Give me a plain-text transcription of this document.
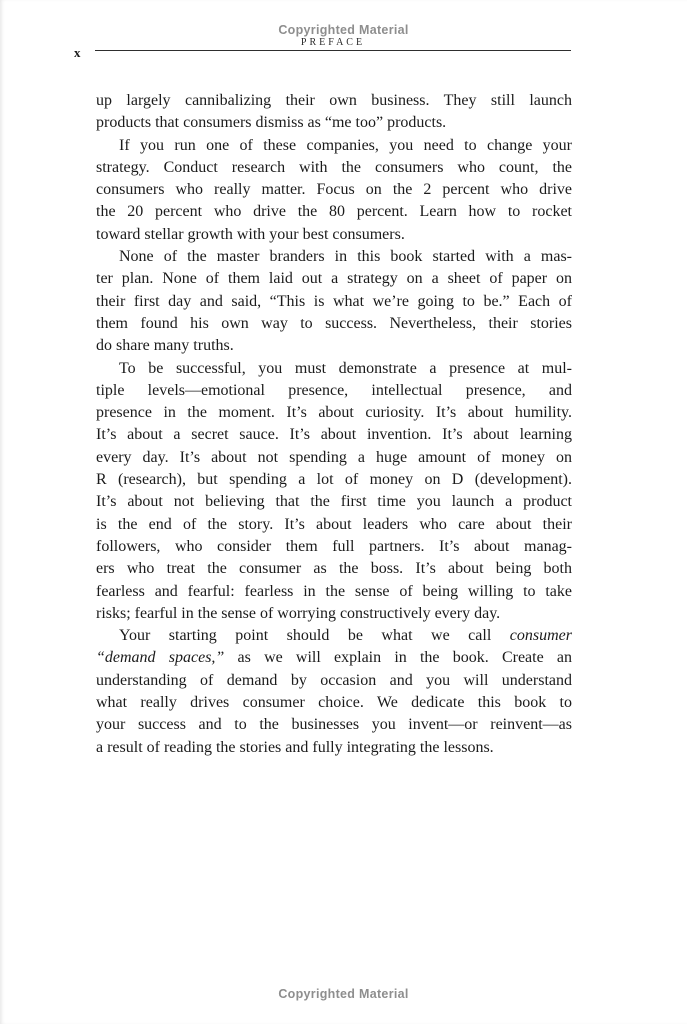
Copyrighted Material
x
PREFACE
up largely cannibalizing their own business. They still launch
products that consumers dismiss as “me too” products.
If you run one of these companies, you need to change your
strategy. Conduct research with the consumers who count, the
consumers who really matter. Focus on the 2 percent who drive
the 20 percent who drive the 80 percent. Learn how to rocket
toward stellar growth with your best consumers.
None of the master branders in this book started with a mas-
ter plan. None of them laid out a strategy on a sheet of paper on
their first day and said, “This is what we’re going to be.” Each of
them found his own way to success. Nevertheless, their stories
do share many truths.
To be successful, you must demonstrate a presence at mul-
tiple levels—emotional presence, intellectual presence, and
presence in the moment. It’s about curiosity. It’s about humility.
It’s about a secret sauce. It’s about invention. It’s about learning
every day. It’s about not spending a huge amount of money on
R (research), but spending a lot of money on D (development).
It’s about not believing that the first time you launch a product
is the end of the story. It’s about leaders who care about their
followers, who consider them full partners. It’s about manag-
ers who treat the consumer as the boss. It’s about being both
fearless and fearful: fearless in the sense of being willing to take
risks; fearful in the sense of worrying constructively every day.
Your starting point should be what we call consumer
“demand spaces,” as we will explain in the book. Create an
understanding of demand by occasion and you will understand
what really drives consumer choice. We dedicate this book to
your success and to the businesses you invent—or reinvent—as
a result of reading the stories and fully integrating the lessons.
Copyrighted Material
